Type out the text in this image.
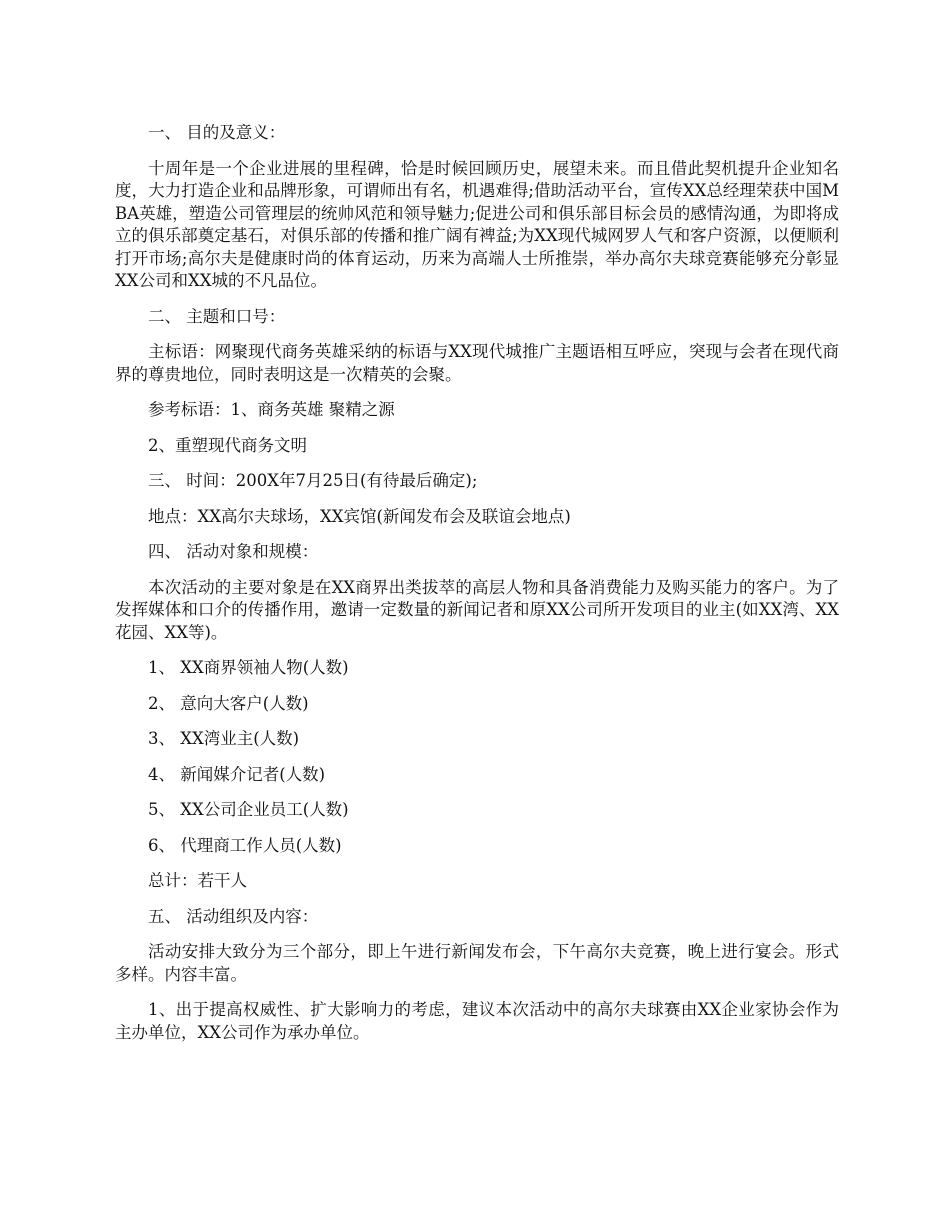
一、 目的及意义：

十周年是一个企业进展的里程碑，恰是时候回顾历史，展望未来。而且借此契机提升企业知名度，大力打造企业和品牌形象，可谓师出有名，机遇难得;借助活动平台，宣传XX总经理荣获中国MBA英雄，塑造公司管理层的统帅风范和领导魅力;促进公司和俱乐部目标会员的感情沟通，为即将成立的俱乐部奠定基石，对俱乐部的传播和推广阔有裨益;为XX现代城网罗人气和客户资源，以便顺利打开市场;高尔夫是健康时尚的体育运动，历来为高端人士所推崇，举办高尔夫球竞赛能够充分彰显XX公司和XX城的不凡品位。

二、 主题和口号：

主标语：网聚现代商务英雄采纳的标语与XX现代城推广主题语相互呼应，突现与会者在现代商界的尊贵地位，同时表明这是一次精英的会聚。

参考标语：1、商务英雄 聚精之源

2、重塑现代商务文明

三、 时间：200X年7月25日(有待最后确定);

地点：XX高尔夫球场，XX宾馆(新闻发布会及联谊会地点)

四、 活动对象和规模：

本次活动的主要对象是在XX商界出类拔萃的高层人物和具备消费能力及购买能力的客户。为了发挥媒体和口介的传播作用，邀请一定数量的新闻记者和原XX公司所开发项目的业主(如XX湾、XX花园、XX等)。

1、 XX商界领袖人物(人数)

2、 意向大客户(人数)

3、 XX湾业主(人数)

4、 新闻媒介记者(人数)

5、 XX公司企业员工(人数)

6、 代理商工作人员(人数)

总计：若干人

五、 活动组织及内容：

活动安排大致分为三个部分，即上午进行新闻发布会，下午高尔夫竞赛，晚上进行宴会。形式多样。内容丰富。

1、出于提高权威性、扩大影响力的考虑，建议本次活动中的高尔夫球赛由XX企业家协会作为主办单位，XX公司作为承办单位。
